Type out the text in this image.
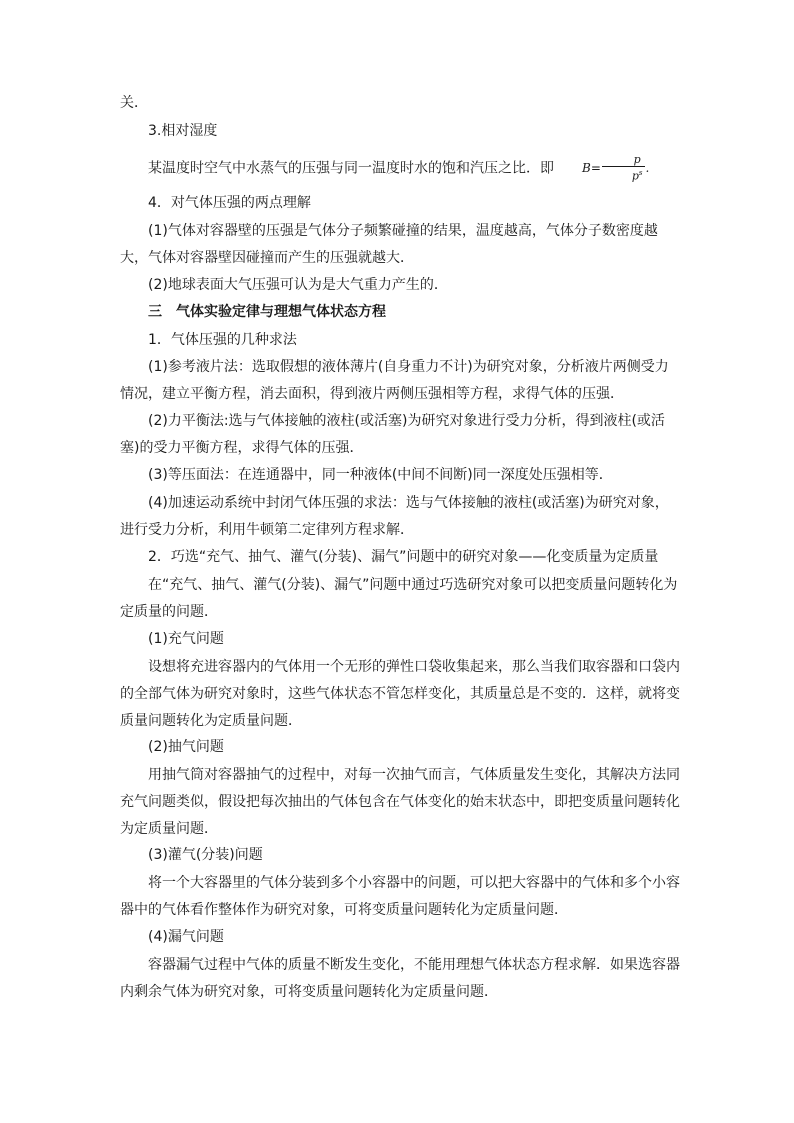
关．

3.相对湿度

某温度时空气中水蒸气的压强与同一温度时水的饱和汽压之比．即 $B= \frac{p}{p^s}$ .

4．对气体压强的两点理解

(1)气体对容器壁的压强是气体分子频繁碰撞的结果，温度越高，气体分子数密度越大，气体对容器壁因碰撞而产生的压强就越大．

(2)地球表面大气压强可认为是大气重力产生的．

三　气体实验定律与理想气体状态方程

1．气体压强的几种求法

(1)参考液片法：选取假想的液体薄片(自身重力不计)为研究对象，分析液片两侧受力情况，建立平衡方程，消去面积，得到液片两侧压强相等方程，求得气体的压强．

(2)力平衡法:选与气体接触的液柱(或活塞)为研究对象进行受力分析，得到液柱(或活塞)的受力平衡方程，求得气体的压强．

(3)等压面法：在连通器中，同一种液体(中间不间断)同一深度处压强相等．

(4)加速运动系统中封闭气体压强的求法：选与气体接触的液柱(或活塞)为研究对象，进行受力分析，利用牛顿第二定律列方程求解．

2．巧选“充气、抽气、灌气(分装)、漏气”问题中的研究对象——化变质量为定质量

在“充气、抽气、灌气(分装)、漏气”问题中通过巧选研究对象可以把变质量问题转化为定质量的问题．

(1)充气问题

设想将充进容器内的气体用一个无形的弹性口袋收集起来，那么当我们取容器和口袋内的全部气体为研究对象时，这些气体状态不管怎样变化，其质量总是不变的．这样，就将变质量问题转化为定质量问题．

(2)抽气问题

用抽气筒对容器抽气的过程中，对每一次抽气而言，气体质量发生变化，其解决方法同充气问题类似，假设把每次抽出的气体包含在气体变化的始末状态中，即把变质量问题转化为定质量问题．

(3)灌气(分装)问题

将一个大容器里的气体分装到多个小容器中的问题，可以把大容器中的气体和多个小容器中的气体看作整体作为研究对象，可将变质量问题转化为定质量问题．

(4)漏气问题

容器漏气过程中气体的质量不断发生变化，不能用理想气体状态方程求解．如果选容器内剩余气体为研究对象，可将变质量问题转化为定质量问题．
